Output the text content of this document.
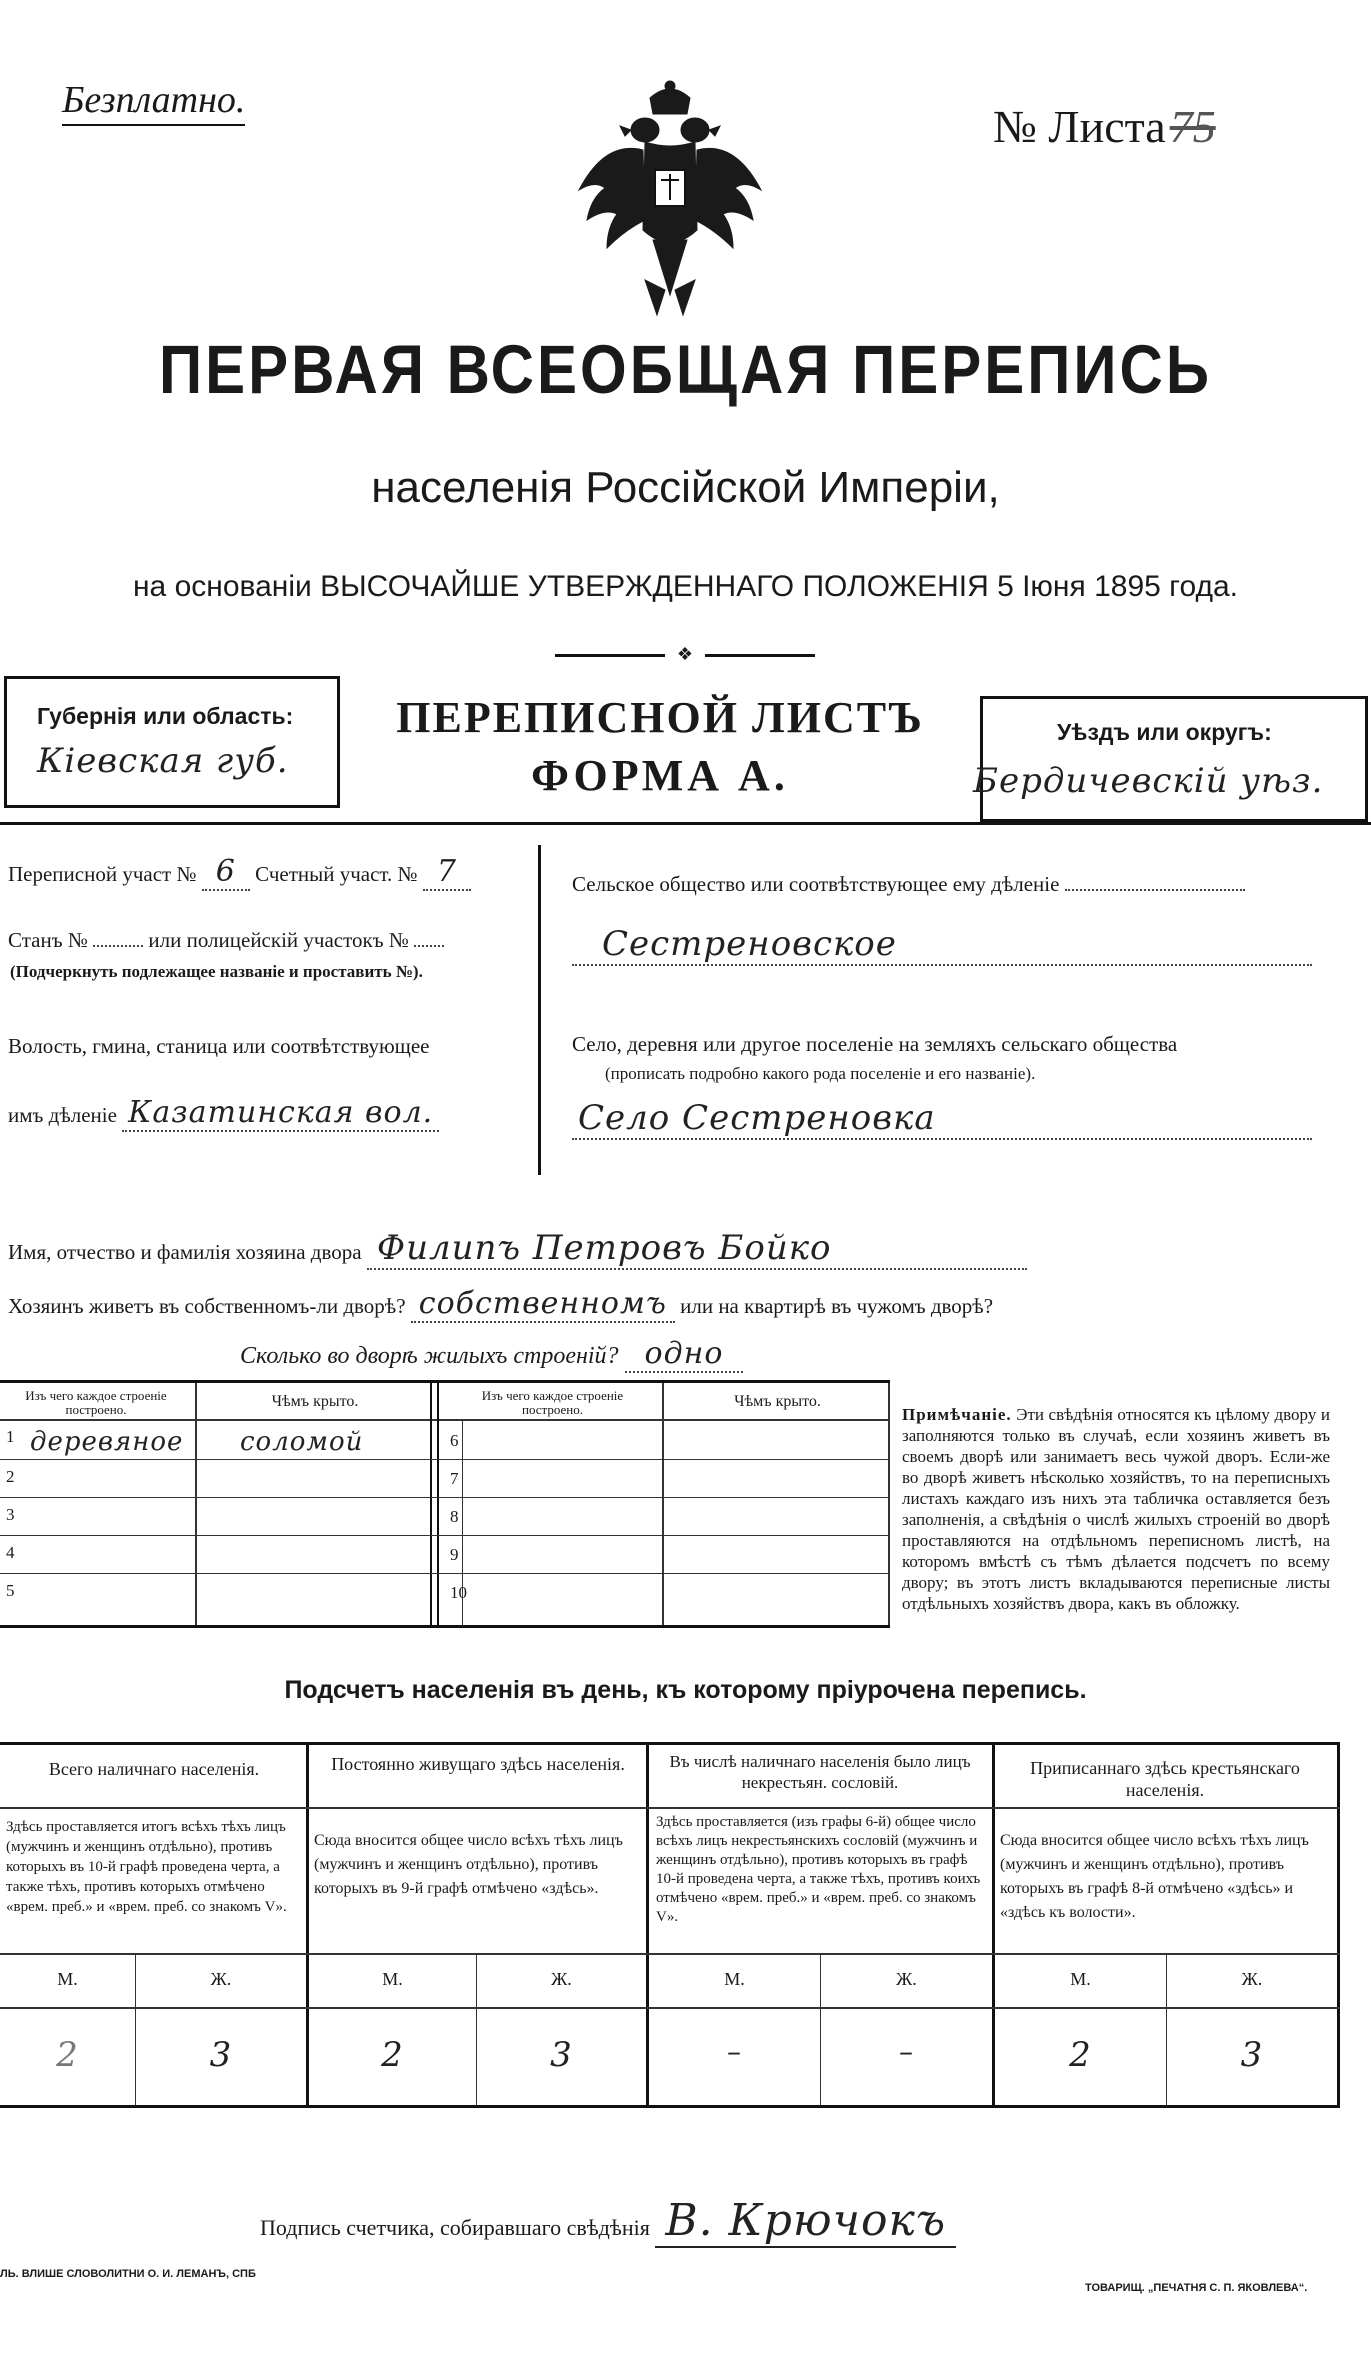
Безплатно.
№ Листа75
ПЕРВАЯ ВСЕОБЩАЯ ПЕРЕПИСЬ
населенія Россійской Имперіи,
на основаніи ВЫСОЧАЙШЕ УТВЕРЖДЕННАГО ПОЛОЖЕНІЯ 5 Іюня 1895 года.
❖
Губернія или область:
Кіевская губ.
ПЕРЕПИСНОЙ ЛИСТЪ
ФОРМА А.
Уѣздъ или округъ:
Бердичевскій уѣз.
Переписной участ № 6 Счетный участ. № 7
Станъ №	или полицейскій участокъ №
(Подчеркнуть подлежащее названіе и проставить №).
Волость, гмина, станица или соотвѣтствующее
имъ дѣленіе Казатинская вол.
Сельское общество или соотвѣтствующее ему дѣленіе
Сестреновское
Село, деревня или другое поселеніе на земляхъ сельскаго общества
(прописать подробно какого рода поселеніе и его названіе).
Село Сестреновка
Имя, отчество и фамилія хозяина двора Филипъ Петровъ Бойко
Хозяинъ живетъ въ собственномъ-ли дворѣ? собственномъ или на квартирѣ въ чужомъ дворѣ?
Сколько во дворѣ жилыхъ строеній? одно
Изъ чего каждое строеніе построено.	Чѣмъ крыто.	Изъ чего каждое строеніе построено.	Чѣмъ крыто.
1 деревяное соломой
2
3
4
5
6
7
8
9
10
Примѣчаніе. Эти свѣдѣнія относятся къ цѣлому двору и заполняются только въ случаѣ, если хозяинъ живетъ въ своемъ дворѣ или занимаетъ весь чужой дворъ. Если-же во дворѣ живетъ нѣсколько хозяйствъ, то на переписныхъ листахъ каждаго изъ нихъ эта табличка оставляется безъ заполненія, а свѣдѣнія о числѣ жилыхъ строеній во дворѣ проставляются на отдѣльномъ переписномъ листѣ, на которомъ вмѣстѣ съ тѣмъ дѣлается подсчетъ по всему двору; въ этотъ листъ вкладываются переписные листы отдѣльныхъ хозяйствъ двора, какъ въ обложку.
Подсчетъ населенія въ день, къ которому пріурочена перепись.
Всего наличнаго населенія.
Здѣсь проставляется итогъ всѣхъ тѣхъ лицъ (мужчинъ и женщинъ отдѣльно), противъ которыхъ въ 10-й графѣ проведена черта, а также тѣхъ, противъ которыхъ отмѣчено «врем. преб.» и «врем. преб. со знакомъ V».
М.	Ж.
2	3
Постоянно живущаго здѣсь населенія.
Сюда вносится общее число всѣхъ тѣхъ лицъ (мужчинъ и женщинъ отдѣльно), противъ которыхъ въ 9-й графѣ отмѣчено «здѣсь».
М.	Ж.
2	3
Въ числѣ наличнаго населенія было лицъ некрестьян. сословій.
Здѣсь проставляется (изъ графы 6-й) общее число всѣхъ лицъ некрестьянскихъ сословій (мужчинъ и женщинъ отдѣльно), противъ которыхъ въ графѣ 10-й проведена черта, а также тѣхъ, противъ коихъ отмѣчено «врем. преб.» и «врем. преб. со знакомъ V».
М.	Ж.
–	–
Приписаннаго здѣсь крестьянскаго населенія.
Сюда вносится общее число всѣхъ тѣхъ лицъ (мужчинъ и женщинъ отдѣльно), противъ которыхъ въ графѣ 8-й отмѣчено «здѣсь» и «здѣсь къ волости».
М.	Ж.
2	3
Подпись счетчика, собиравшаго свѣдѣнія В. Крючокъ
ЛЬ. ВЛИШЕ СЛОВОЛИТНИ О. И. ЛЕМАНЪ, СПБ
ТОВАРИЩ. „ПЕЧАТНЯ С. П. ЯКОВЛЕВА“.
